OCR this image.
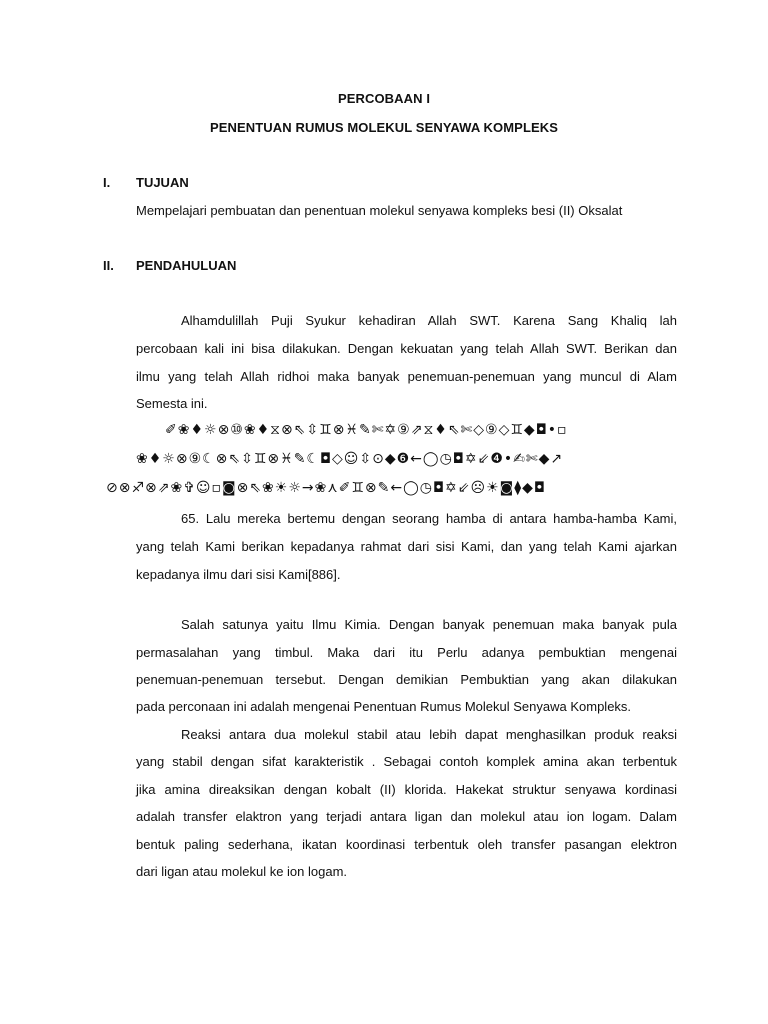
PERCOBAAN I
PENENTUAN RUMUS MOLEKUL SENYAWA KOMPLEKS
I. TUJUAN
Mempelajari pembuatan dan penentuan molekul senyawa kompleks besi (II) Oksalat
II. PENDAHULUAN
Alhamdulillah Puji Syukur kehadiran Allah SWT. Karena Sang Khaliq lah
percobaan kali ini bisa dilakukan. Dengan kekuatan yang telah Allah SWT. Berikan dan
ilmu yang telah Allah ridhoi maka banyak penemuan-penemuan yang muncul di Alam
Semesta ini.
✐❀♦☼⊗⑩❀♦⧖⊗⇖⇳♊⊗♓✎✄✡⑨⇗⧖♦⇖✄◇⑨◇♊◆◘•▫
❀♦☼⊗⑨☾⊗⇖⇳♊⊗♓✎☾◘◇☺⇳⊙◆❻←◯◷◘✡⇙❹•✍✄◆↗
⊘⊗♐⊗⇗❀✞☺▫◙⊗⇖❀☀☼→❀⋏✐♊⊗✎←◯◷◘✡⇙☹☀◙⧫◆◘
65. Lalu mereka bertemu dengan seorang hamba di antara hamba-hamba Kami,
yang telah Kami berikan kepadanya rahmat dari sisi Kami, dan yang telah Kami ajarkan
kepadanya ilmu dari sisi Kami[886].
Salah satunya yaitu Ilmu Kimia. Dengan banyak penemuan maka banyak pula
permasalahan yang timbul. Maka dari itu Perlu adanya pembuktian mengenai
penemuan-penemuan tersebut. Dengan demikian Pembuktian yang akan dilakukan
pada perconaan ini adalah mengenai Penentuan Rumus Molekul Senyawa Kompleks.
Reaksi antara dua molekul stabil atau lebih dapat menghasilkan produk reaksi
yang stabil dengan sifat karakteristik . Sebagai contoh komplek amina akan terbentuk
jika amina direaksikan dengan kobalt (II) klorida. Hakekat struktur senyawa kordinasi
adalah transfer elaktron yang terjadi antara ligan dan molekul atau ion logam. Dalam
bentuk paling sederhana, ikatan koordinasi terbentuk oleh transfer pasangan elektron
dari ligan atau molekul ke ion logam.
